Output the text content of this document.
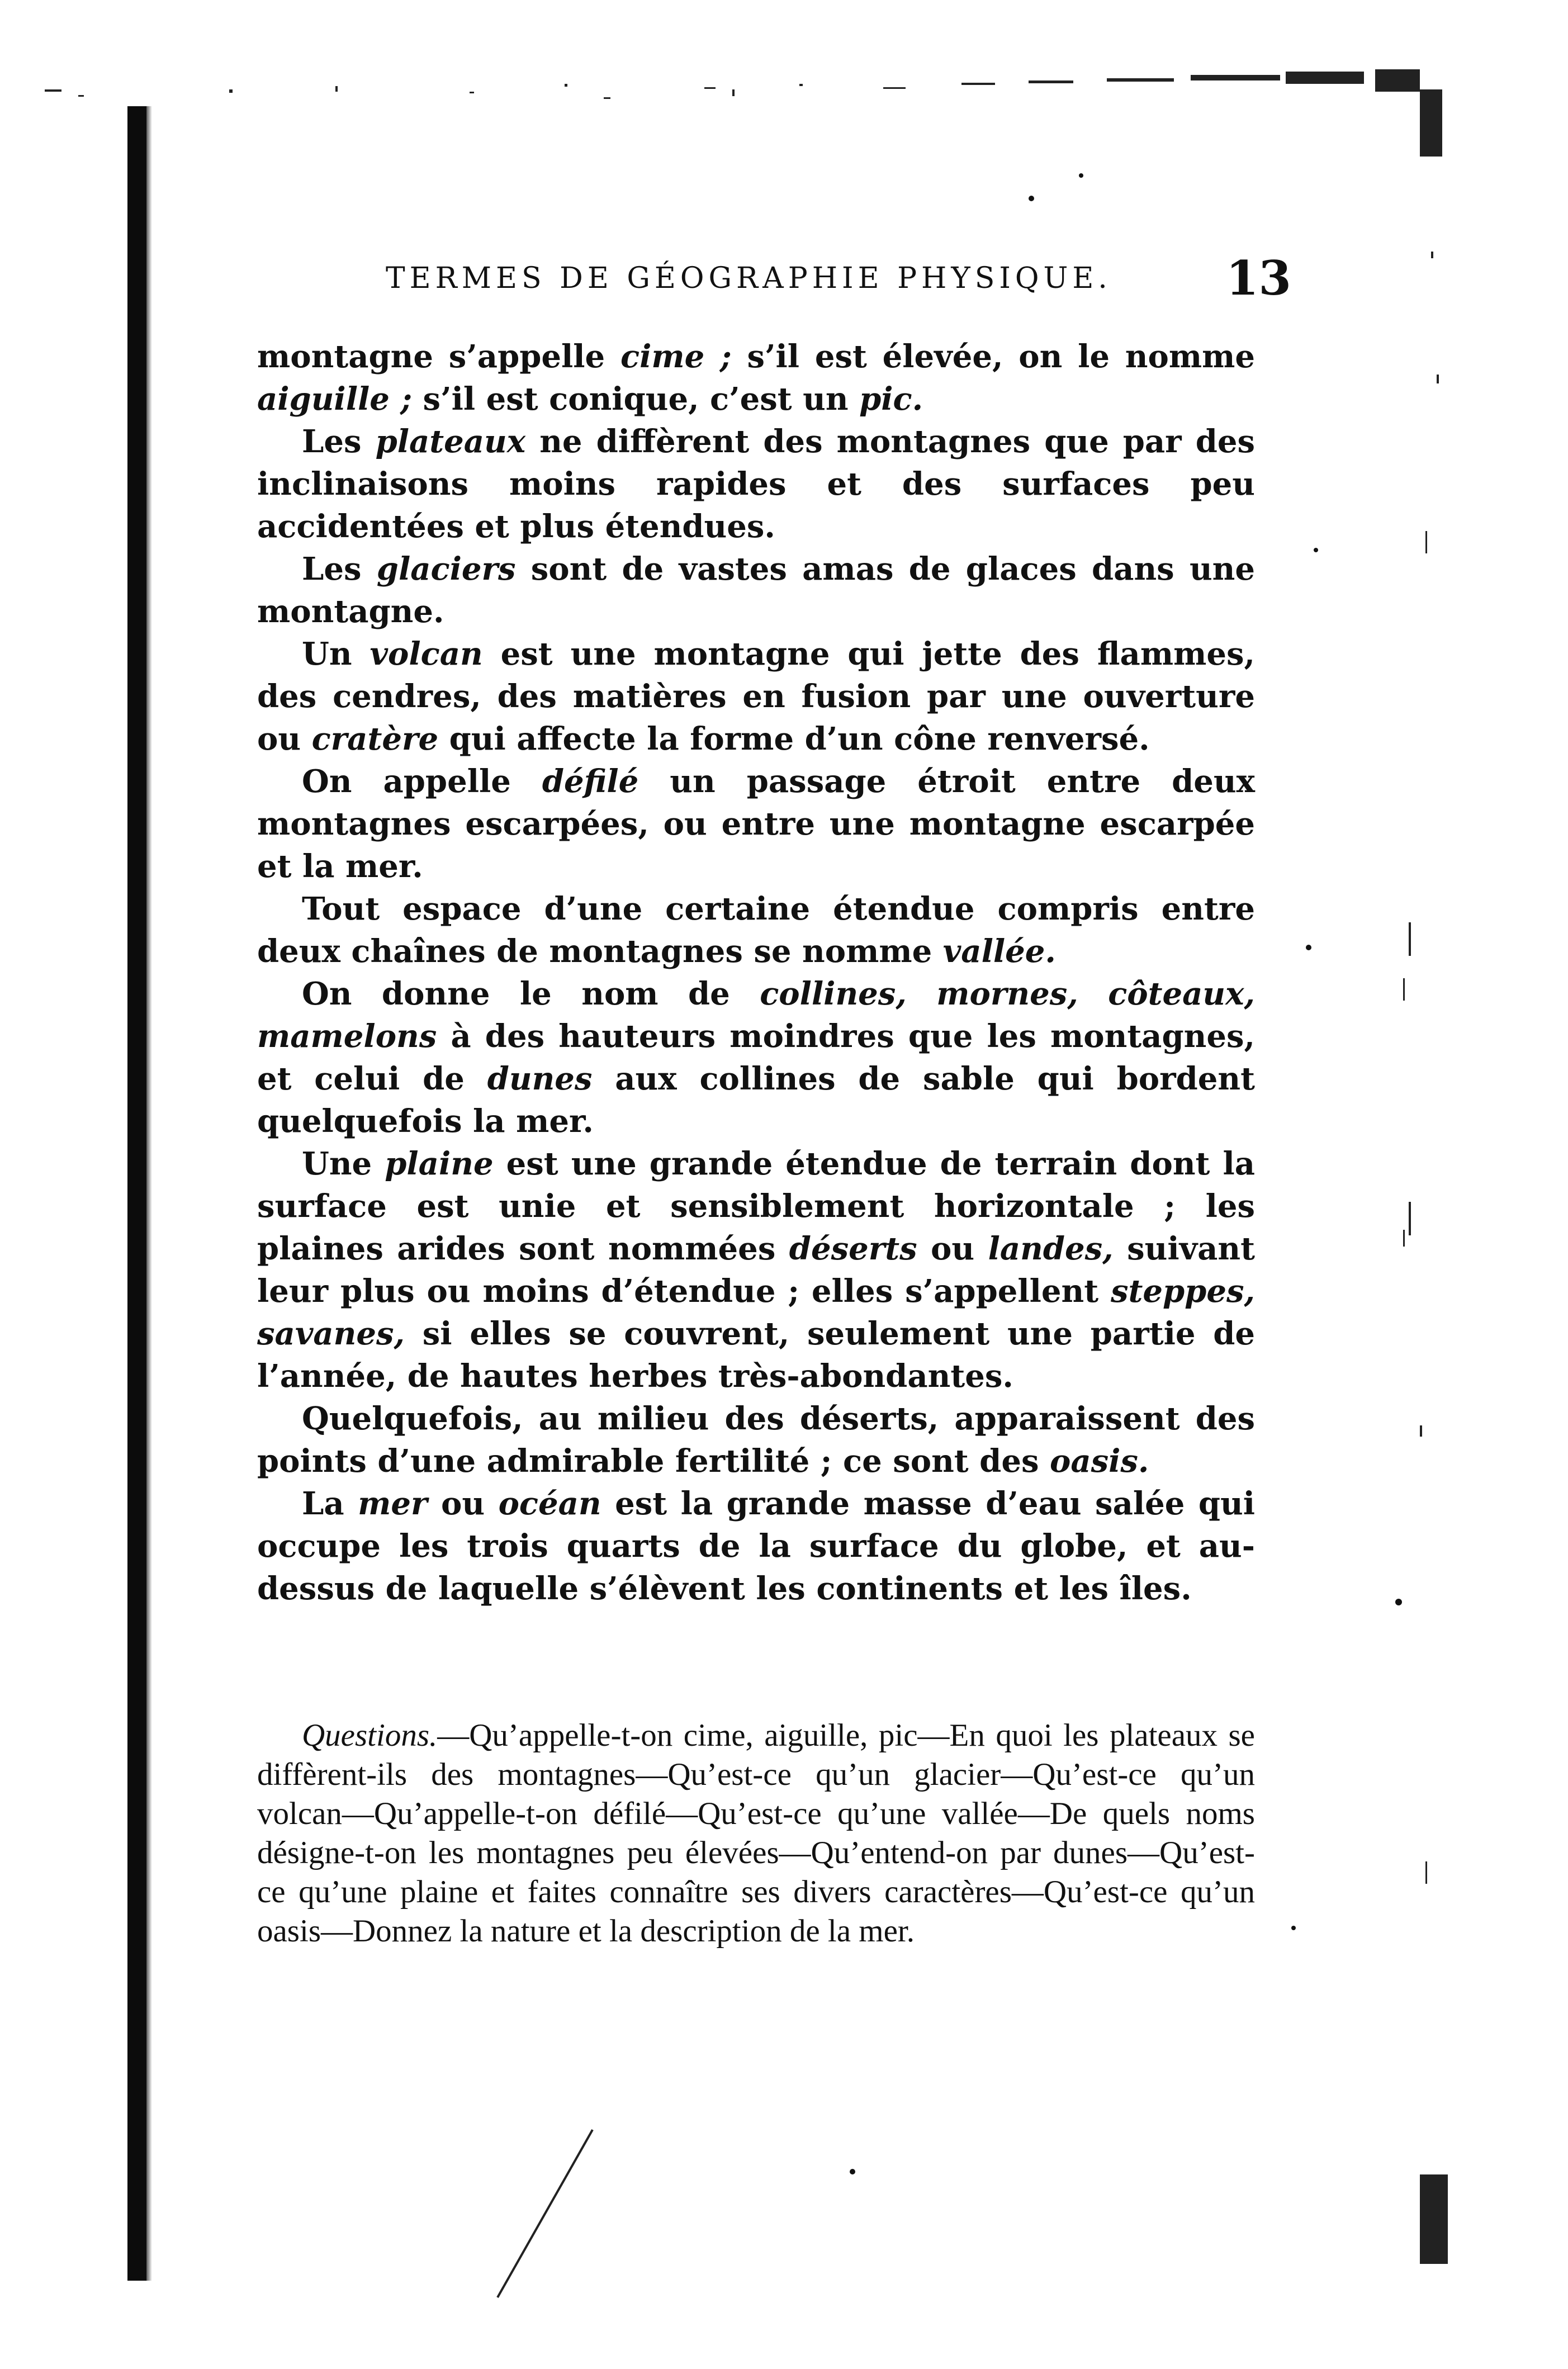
TERMES DE GÉOGRAPHIE PHYSIQUE. 13

montagne s’appelle cime ; s’il est élevée, on le nomme aiguille ; s’il est conique, c’est un pic.

Les plateaux ne diffèrent des montagnes que par des inclinaisons moins rapides et des surfaces peu accidentées et plus étendues.

Les glaciers sont de vastes amas de glaces dans une montagne.

Un volcan est une montagne qui jette des flammes, des cendres, des matières en fusion par une ouverture ou cratère qui affecte la forme d’un cône renversé.

On appelle défilé un passage étroit entre deux montagnes escarpées, ou entre une montagne escarpée et la mer.

Tout espace d’une certaine étendue compris entre deux chaînes de montagnes se nomme vallée.

On donne le nom de collines, mornes, côteaux, mamelons à des hauteurs moindres que les montagnes, et celui de dunes aux collines de sable qui bordent quelquefois la mer.

Une plaine est une grande étendue de terrain dont la surface est unie et sensiblement horizontale ; les plaines arides sont nommées déserts ou landes, suivant leur plus ou moins d’étendue ; elles s’appellent steppes, savanes, si elles se couvrent, seulement une partie de l’année, de hautes herbes très-abondantes.

Quelquefois, au milieu des déserts, apparaissent des points d’une admirable fertilité ; ce sont des oasis.

La mer ou océan est la grande masse d’eau salée qui occupe les trois quarts de la surface du globe, et au-dessus de laquelle s’élèvent les continents et les îles.

Questions.—Qu’appelle-t-on cime, aiguille, pic—En quoi les plateaux se diffèrent-ils des montagnes—Qu’est-ce qu’un glacier—Qu’est-ce qu’un volcan—Qu’appelle-t-on défilé—Qu’est-ce qu’une vallée—De quels noms désigne-t-on les montagnes peu élevées—Qu’entend-on par dunes—Qu’est-ce qu’une plaine et faites connaître ses divers caractères—Qu’est-ce qu’un oasis—Donnez la nature et la description de la mer.
